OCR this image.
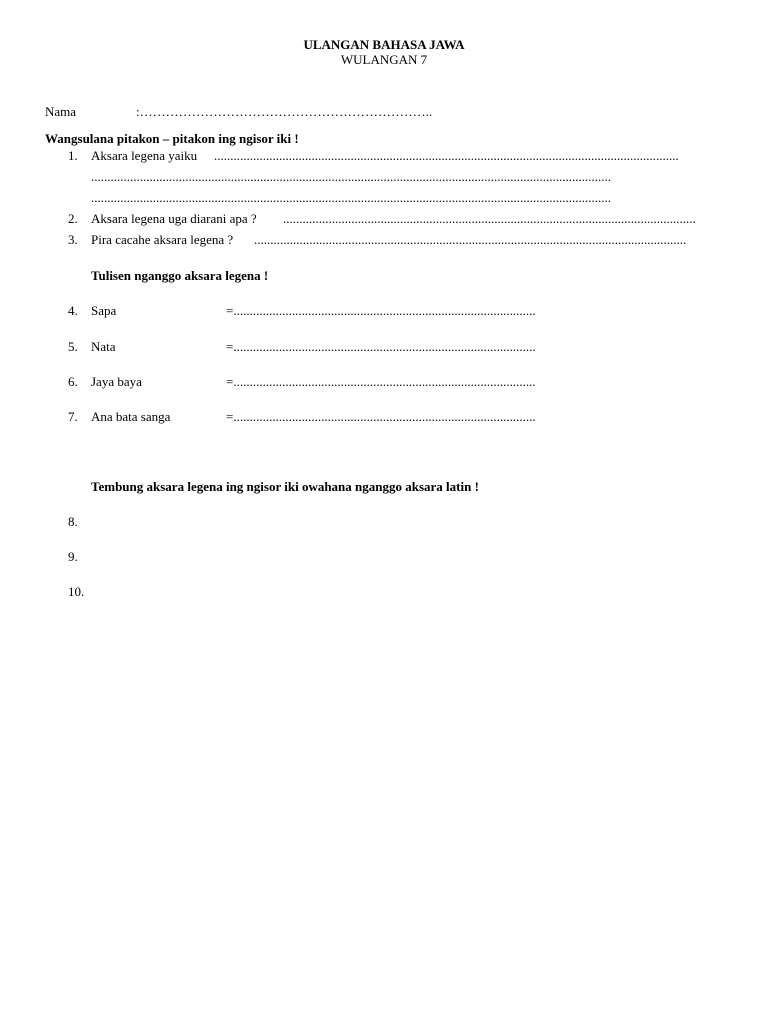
ULANGAN BAHASA JAWA
WULANGAN 7
Nama	:…………………………………………………………..
Wangsulana pitakon – pitakon ing ngisor iki !
1. Aksara legena yaiku ...............................................................................................................................................
................................................................................................................................................................
................................................................................................................................................................
2. Aksara legena uga diarani apa ? ...............................................................................................................................
3. Pira cacahe aksara legena ? .....................................................................................................................................
Tulisen nganggo aksara legena !
4. Sapa	=.............................................................................................
5. Nata	=.............................................................................................
6. Jaya baya	=.............................................................................................
7. Ana bata sanga	=.............................................................................................
Tembung aksara legena ing ngisor iki owahana nganggo aksara latin !
8.
9.
10.
